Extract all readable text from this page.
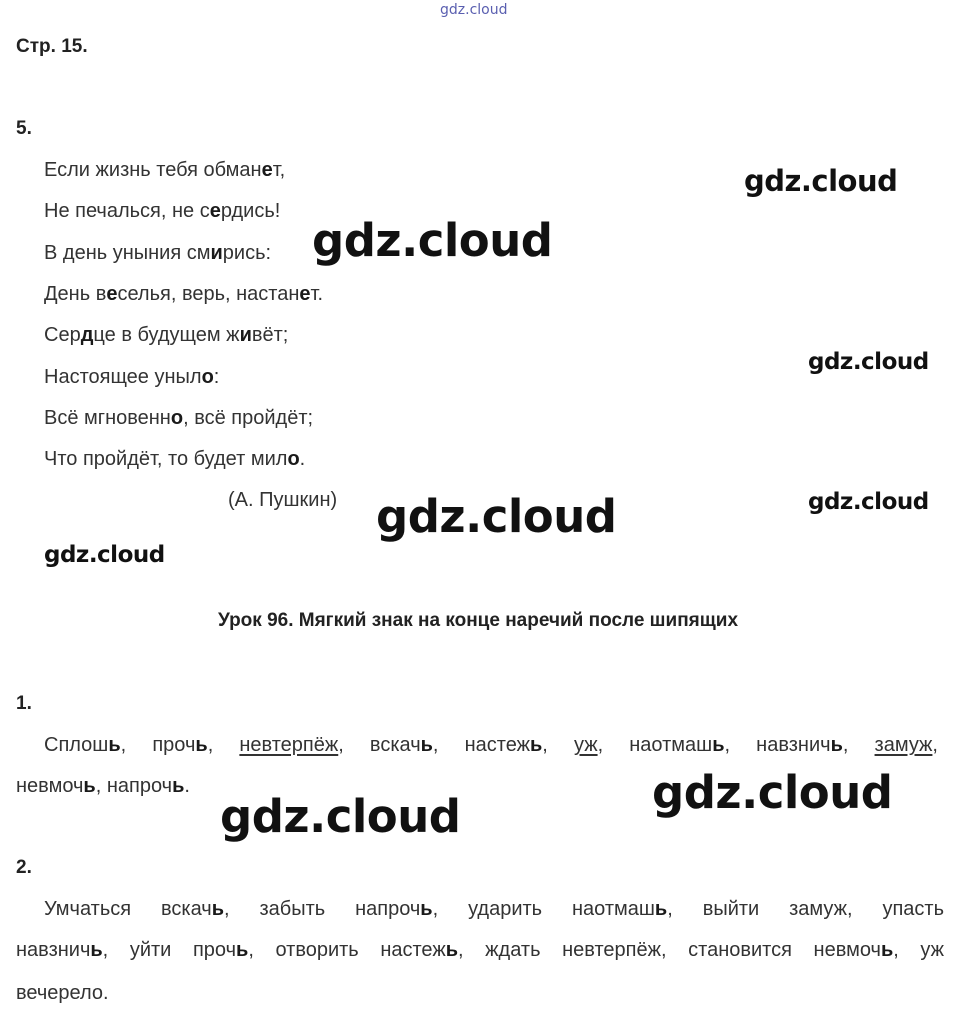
gdz.cloud
Стр. 15.
5.
Если жизнь тебя обманет,
Не печалься, не сердись!
В день уныния смирись:
День веселья, верь, настанет.
Сердце в будущем живёт;
Настоящее уныло:
Всё мгновенно, всё пройдёт;
Что пройдёт, то будет мило.
(А. Пушкин)
Урок 96. Мягкий знак на конце наречий после шипящих
1.
Сплошь, прочь, невтерпёж, вскачь, настежь, уж, наотмашь, навзничь, замуж,
невмочь, напрочь.
2.
Умчаться вскачь, забыть напрочь, ударить наотмашь, выйти замуж, упасть
навзничь, уйти прочь, отворить настежь, ждать невтерпёж, становится невмочь, уж
вечерело.
gdz.cloud
gdz.cloud
gdz.cloud
gdz.cloud
gdz.cloud
gdz.cloud
gdz.cloud
gdz.cloud
